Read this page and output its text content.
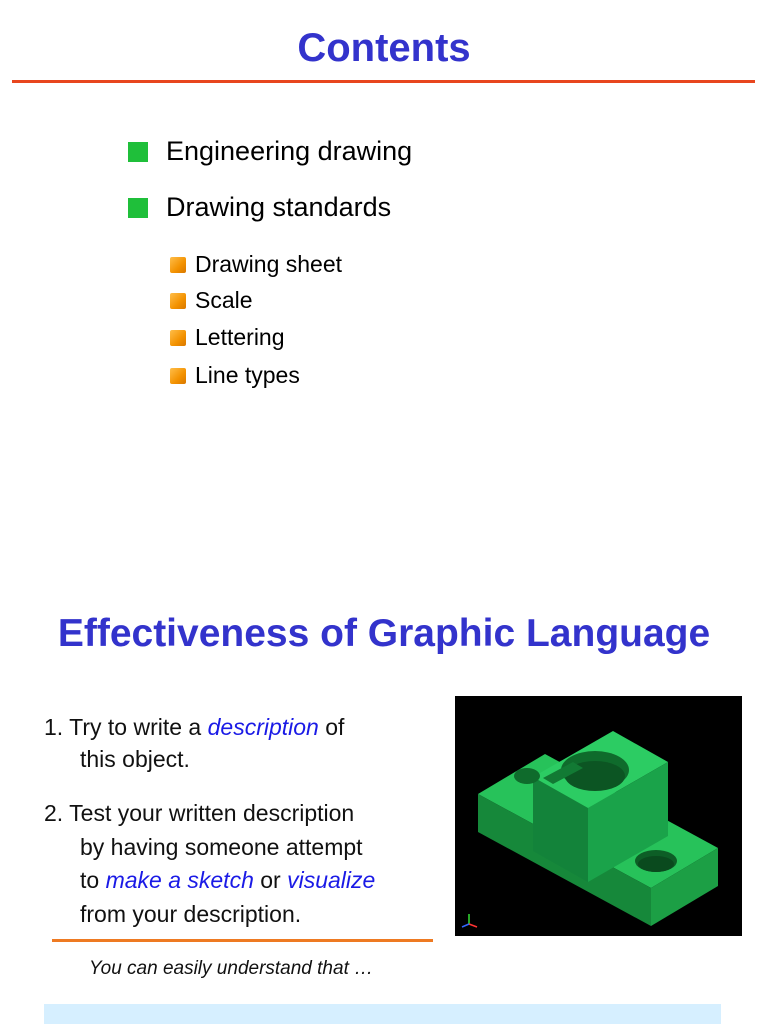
Contents
Engineering drawing
Drawing standards
Drawing sheet
Scale
Lettering
Line types
Effectiveness of Graphic Language
1. Try to write a description of
this object.
2. Test your written description
by having someone attempt
to make a sketch or visualize
from your description.
You can easily understand that …
